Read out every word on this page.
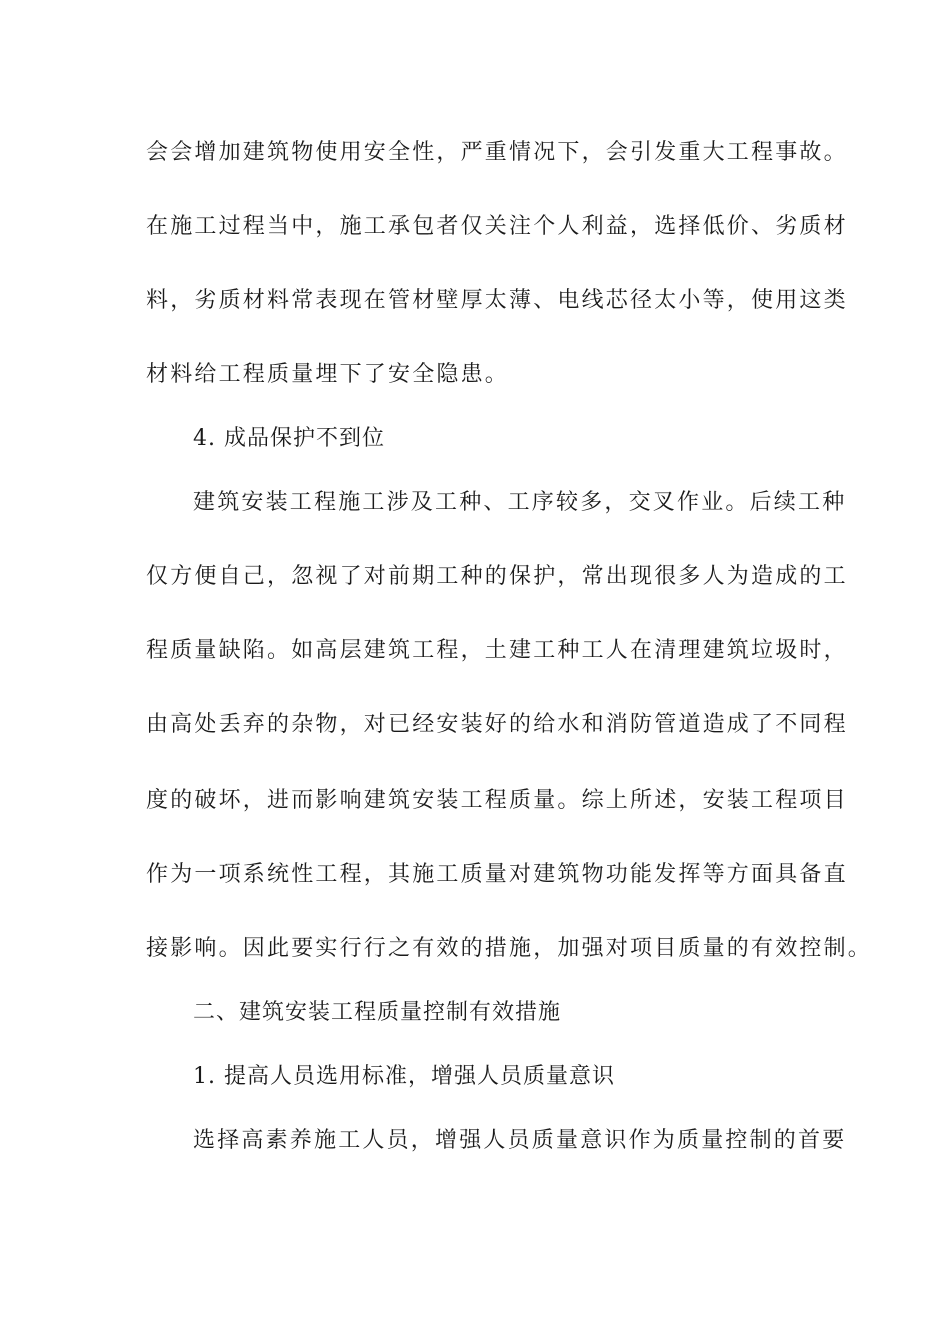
会会增加建筑物使用安全性，严重情况下，会引发重大工程事故。
在施工过程当中，施工承包者仅关注个人利益，选择低价、劣质材
料，劣质材料常表现在管材壁厚太薄、电线芯径太小等，使用这类
材料给工程质量埋下了安全隐患。
4. 成品保护不到位
建筑安装工程施工涉及工种、工序较多，交叉作业。后续工种
仅方便自己，忽视了对前期工种的保护，常出现很多人为造成的工
程质量缺陷。如高层建筑工程，土建工种工人在清理建筑垃圾时，
由高处丢弃的杂物，对已经安装好的给水和消防管道造成了不同程
度的破坏，进而影响建筑安装工程质量。综上所述，安装工程项目
作为一项系统性工程，其施工质量对建筑物功能发挥等方面具备直
接影响。因此要实行行之有效的措施，加强对项目质量的有效控制。
二、建筑安装工程质量控制有效措施
1. 提高人员选用标准，增强人员质量意识
选择高素养施工人员，增强人员质量意识作为质量控制的首要
